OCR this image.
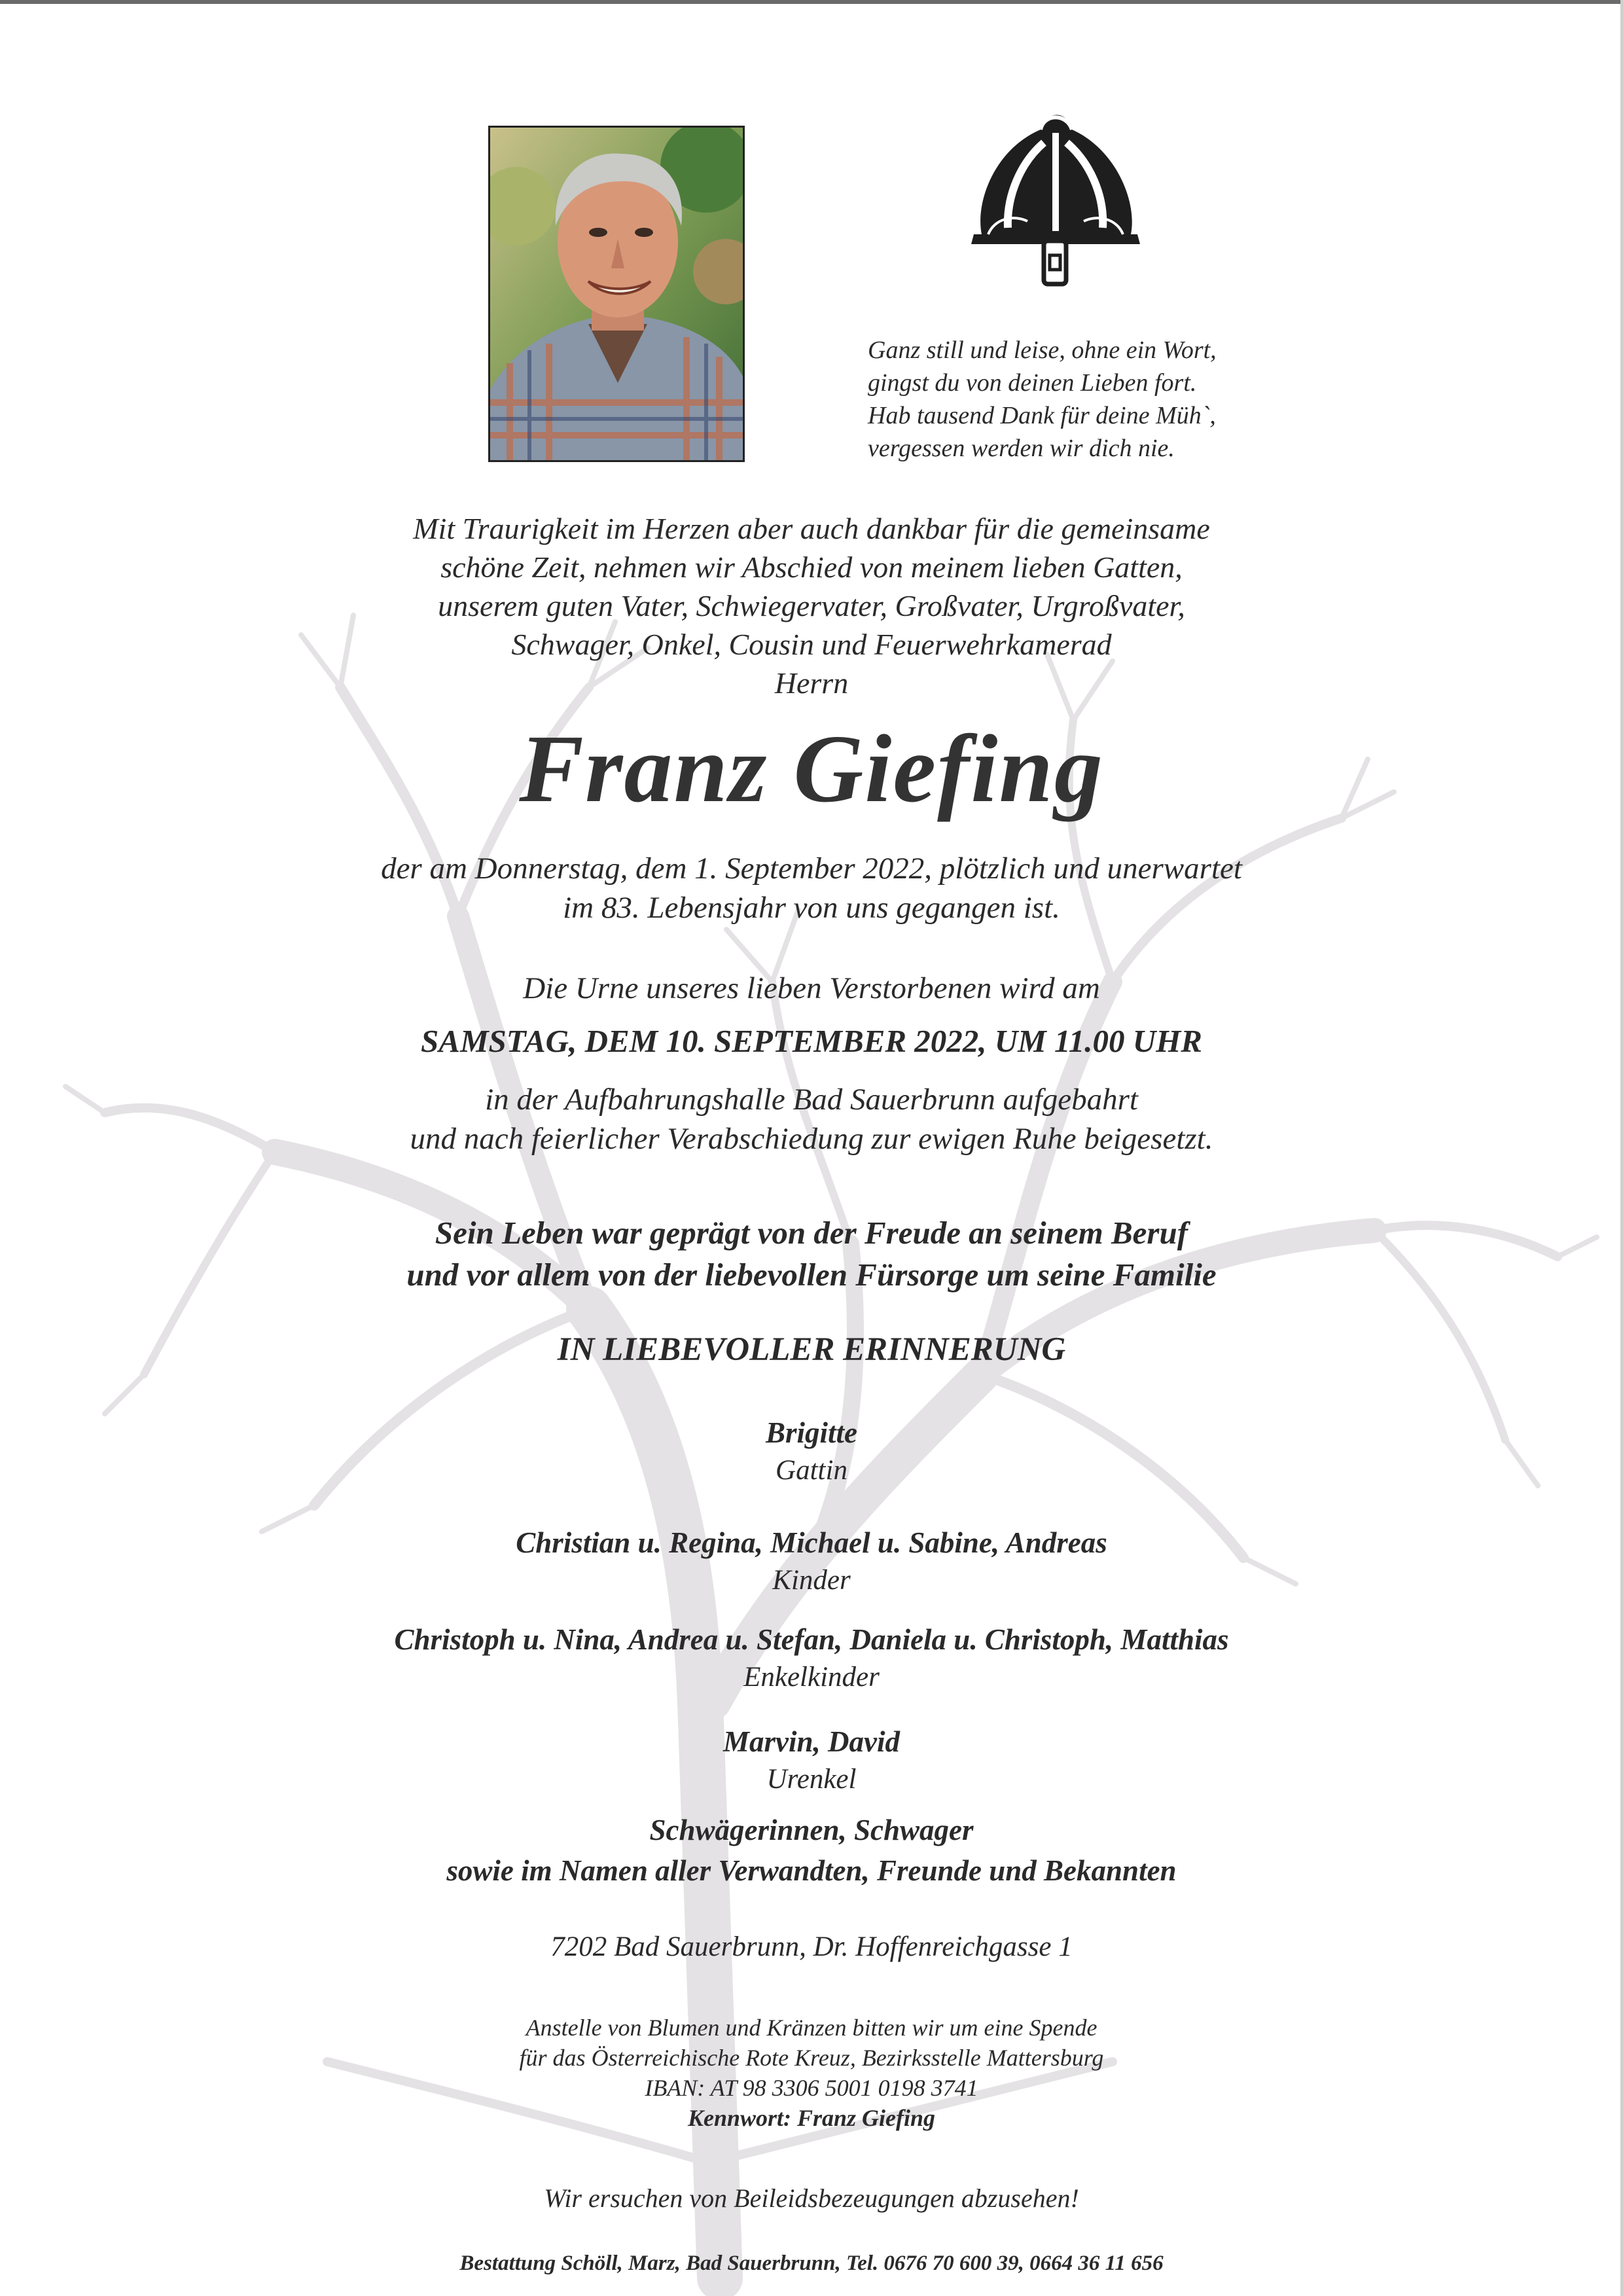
Ganz still und leise, ohne ein Wort,
gingst du von deinen Lieben fort.
Hab tausend Dank für deine Müh`,
vergessen werden wir dich nie.
Mit Traurigkeit im Herzen aber auch dankbar für die gemeinsame
schöne Zeit, nehmen wir Abschied von meinem lieben Gatten,
unserem guten Vater, Schwiegervater, Großvater, Urgroßvater,
Schwager, Onkel, Cousin und Feuerwehrkamerad
Herrn
Franz Giefing
der am Donnerstag, dem 1. September 2022, plötzlich und unerwartet
im 83. Lebensjahr von uns gegangen ist.
Die Urne unseres lieben Verstorbenen wird am
SAMSTAG, DEM 10. SEPTEMBER 2022, UM 11.00 UHR
in der Aufbahrungshalle Bad Sauerbrunn aufgebahrt
und nach feierlicher Verabschiedung zur ewigen Ruhe beigesetzt.
Sein Leben war geprägt von der Freude an seinem Beruf
und vor allem von der liebevollen Fürsorge um seine Familie
IN LIEBEVOLLER ERINNERUNG
Brigitte
Gattin
Christian u. Regina, Michael u. Sabine, Andreas
Kinder
Christoph u. Nina, Andrea u. Stefan, Daniela u. Christoph, Matthias
Enkelkinder
Marvin, David
Urenkel
Schwägerinnen, Schwager
sowie im Namen aller Verwandten, Freunde und Bekannten
7202 Bad Sauerbrunn, Dr. Hoffenreichgasse 1
Anstelle von Blumen und Kränzen bitten wir um eine Spende
für das Österreichische Rote Kreuz, Bezirksstelle Mattersburg
IBAN: AT 98 3306 5001 0198 3741
Kennwort: Franz Giefing
Wir ersuchen von Beileidsbezeugungen abzusehen!
Bestattung Schöll, Marz, Bad Sauerbrunn, Tel. 0676 70 600 39, 0664 36 11 656
